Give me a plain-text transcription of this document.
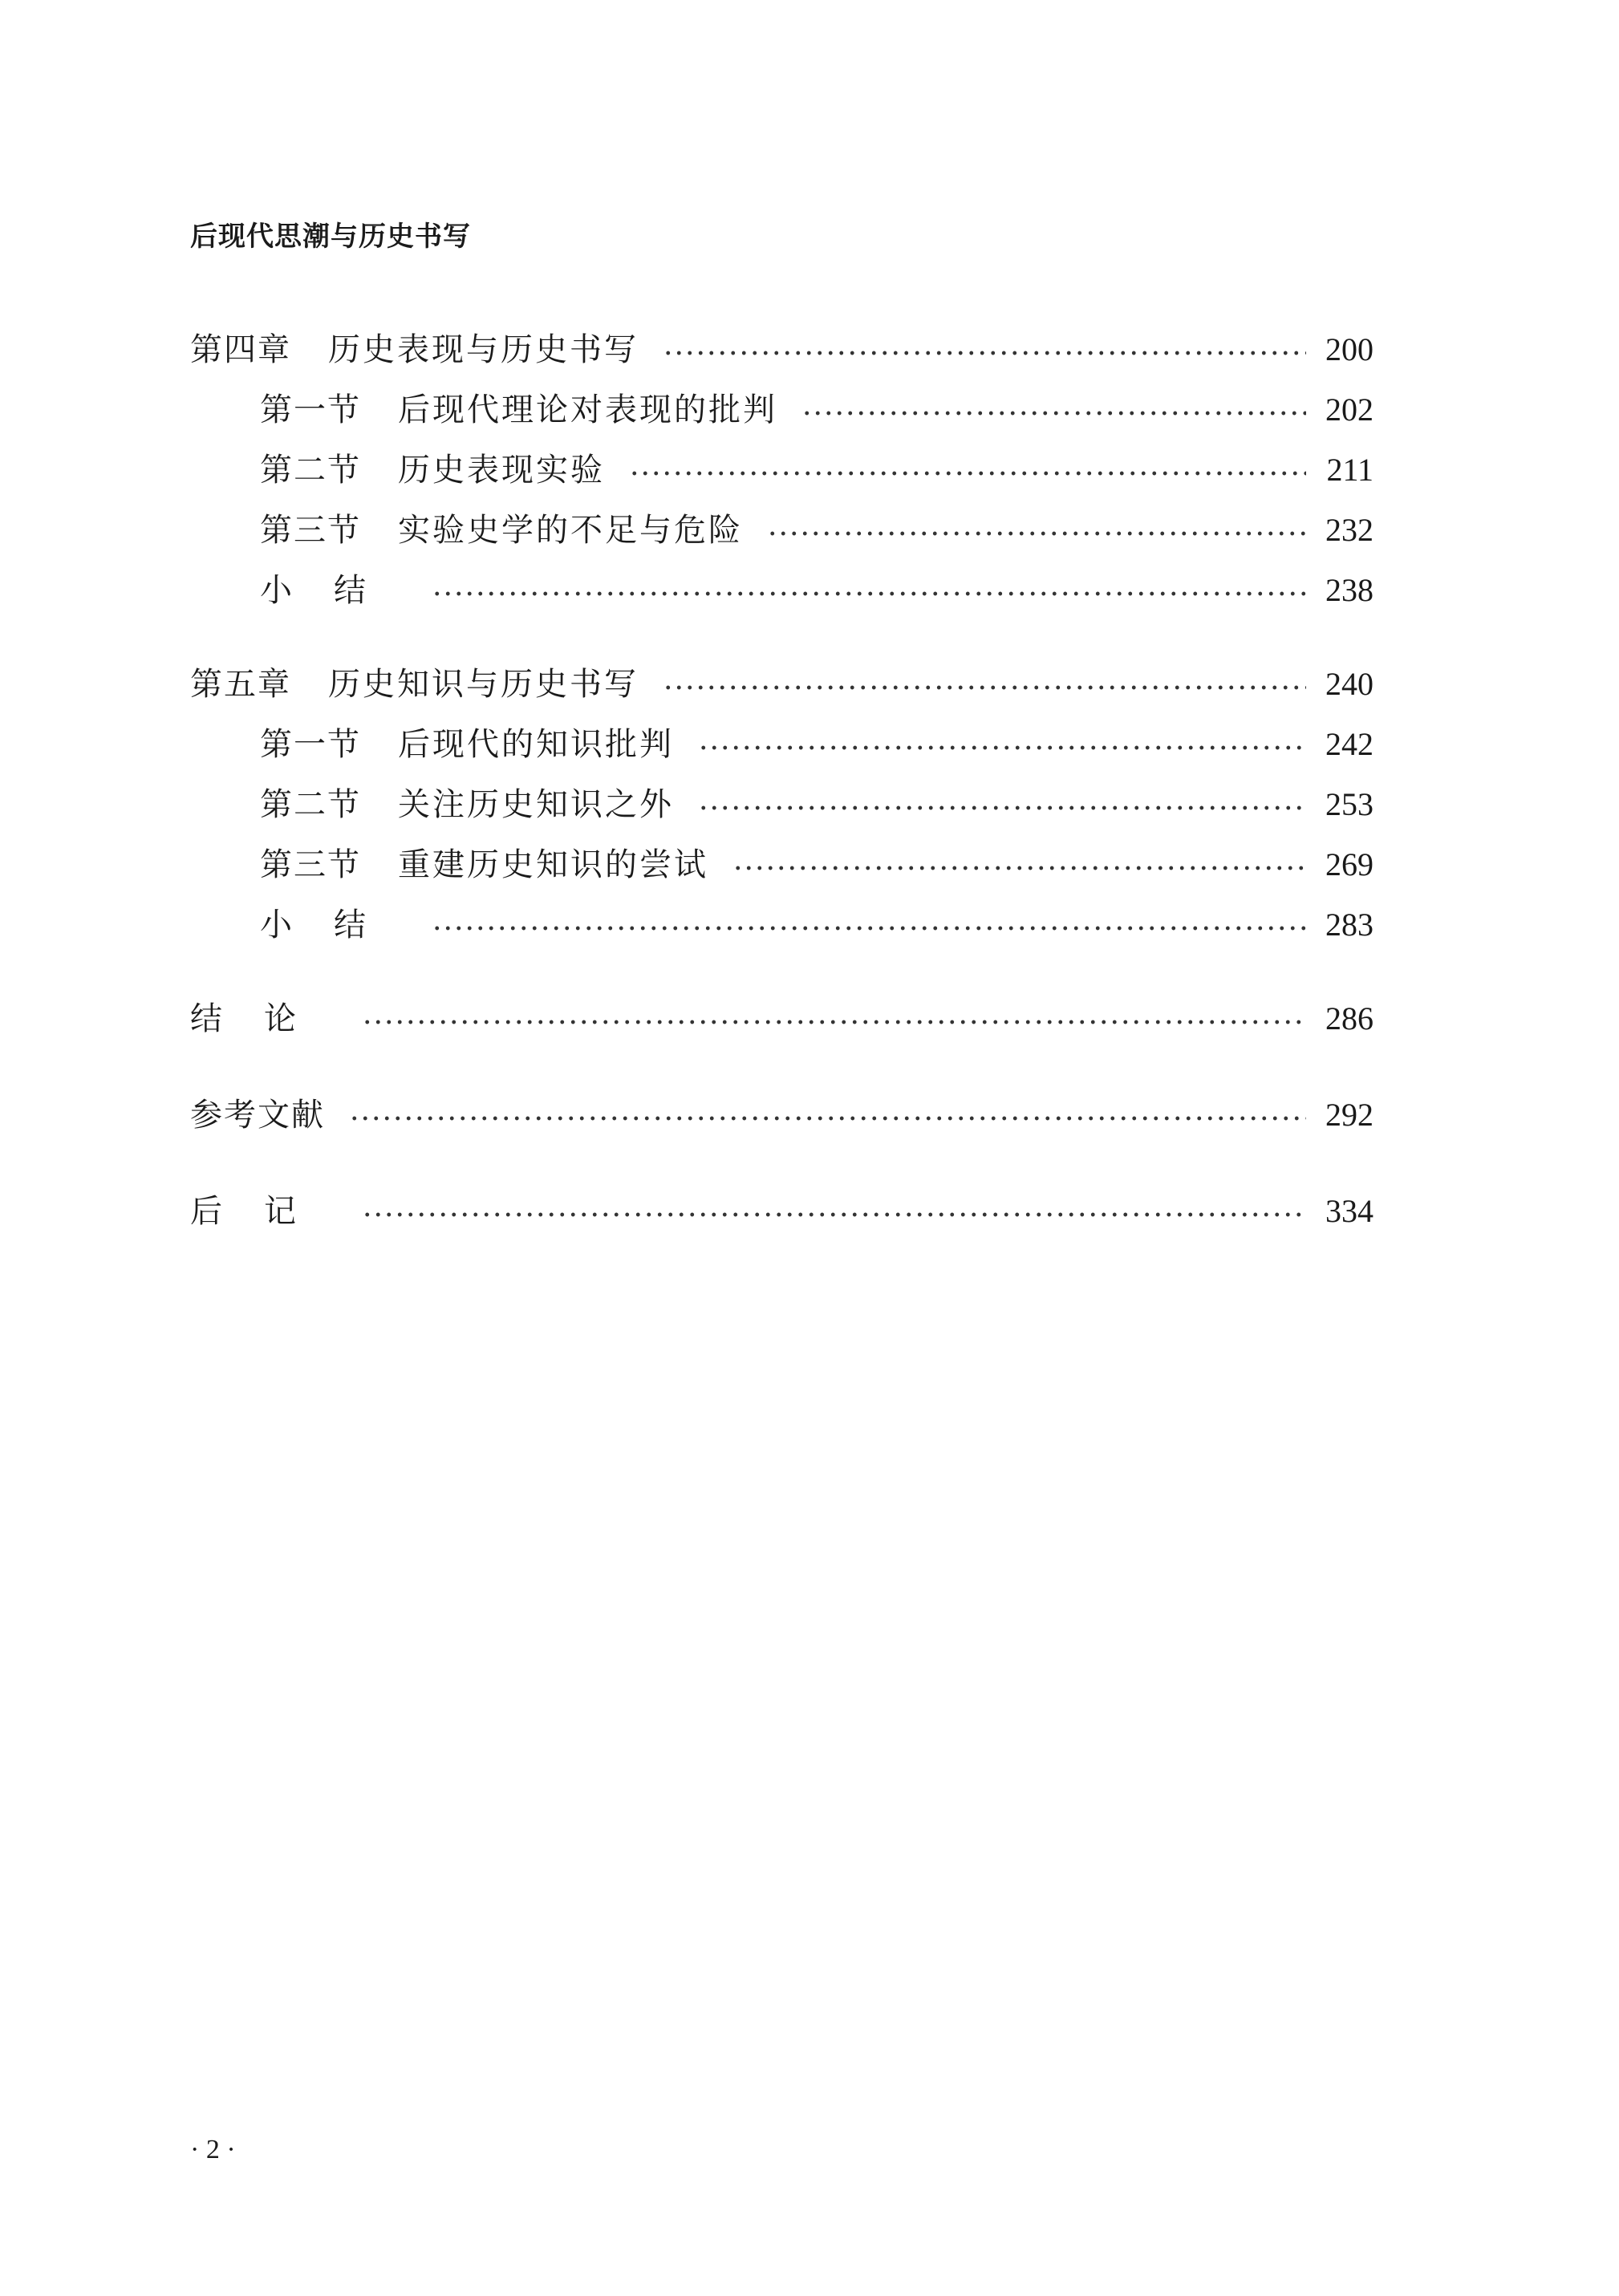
后现代思潮与历史书写
第四章 历史表现与历史书写	200
第一节 后现代理论对表现的批判	202
第二节 历史表现实验	211
第三节 实验史学的不足与危险	232
小结	238
第五章 历史知识与历史书写	240
第一节 后现代的知识批判	242
第二节 关注历史知识之外	253
第三节 重建历史知识的尝试	269
小结	283
结论	286
参考文献	292
后记	334
· 2 ·
